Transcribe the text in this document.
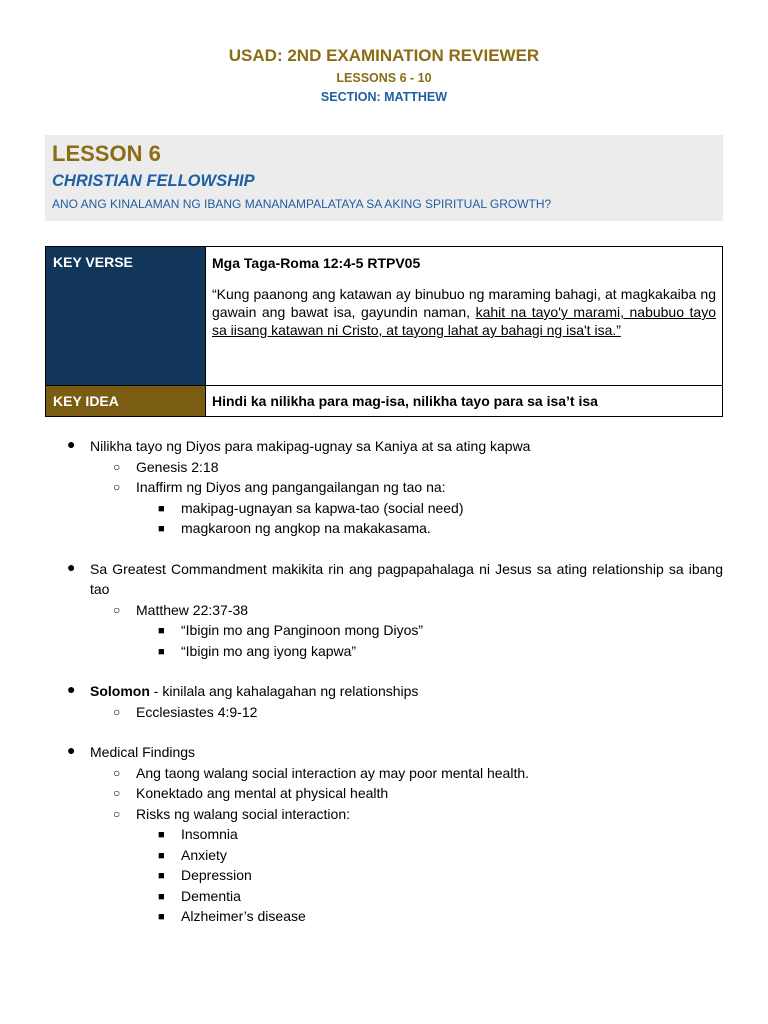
USAD: 2ND EXAMINATION REVIEWER
LESSONS 6 - 10
SECTION: MATTHEW
LESSON 6
CHRISTIAN FELLOWSHIP
ANO ANG KINALAMAN NG IBANG MANANAMPALATAYA SA AKING SPIRITUAL GROWTH?
KEY VERSE	Mga Taga-Roma 12:4-5 RTPV05
“Kung paanong ang katawan ay binubuo ng maraming bahagi, at magkakaiba ng gawain ang bawat isa, gayundin naman, kahit na tayo'y marami, nabubuo tayo sa iisang katawan ni Cristo, at tayong lahat ay bahagi ng isa't isa.”

KEY IDEA	Hindi ka nilikha para mag-isa, nilikha tayo para sa isa’t isa
● Nilikha tayo ng Diyos para makipag-ugnay sa Kaniya at sa ating kapwa
○ Genesis 2:18
○ Inaffirm ng Diyos ang pangangailangan ng tao na:
■ makipag-ugnayan sa kapwa-tao (social need)
■ magkaroon ng angkop na makakasama.
● Sa Greatest Commandment makikita rin ang pagpapahalaga ni Jesus sa ating relationship sa ibang tao
○ Matthew 22:37-38
■ “Ibigin mo ang Panginoon mong Diyos”
■ “Ibigin mo ang iyong kapwa”
● Solomon - kinilala ang kahalagahan ng relationships
○ Ecclesiastes 4:9-12
● Medical Findings
○ Ang taong walang social interaction ay may poor mental health.
○ Konektado ang mental at physical health
○ Risks ng walang social interaction:
■ Insomnia
■ Anxiety
■ Depression
■ Dementia
■ Alzheimer’s disease
